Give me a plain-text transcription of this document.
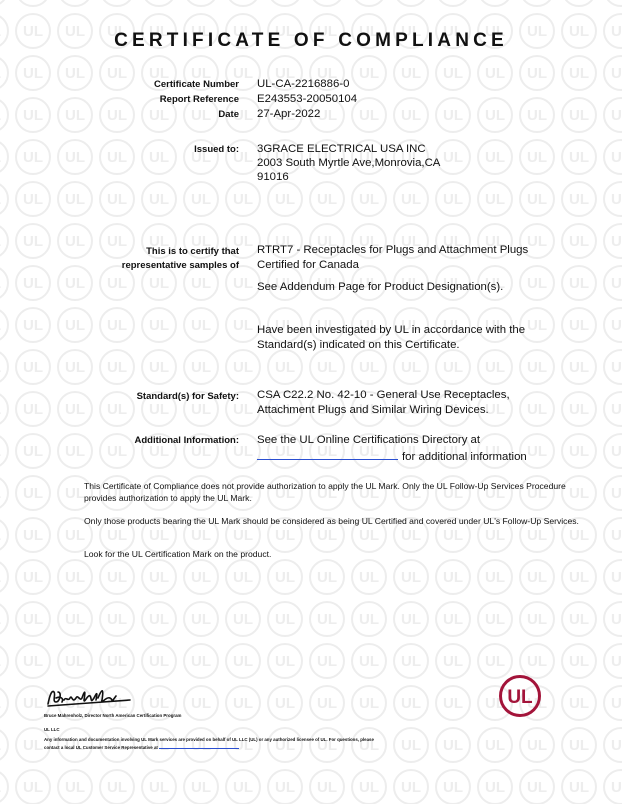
CERTIFICATE OF COMPLIANCE
Certificate Number UL-CA-2216886-0
Report Reference E243553-20050104
Date 27-Apr-2022
Issued to: 3GRACE ELECTRICAL USA INC
2003 South Myrtle Ave,Monrovia,CA
91016
This is to certify that
representative samples of
RTRT7 - Receptacles for Plugs and Attachment Plugs
Certified for Canada
See Addendum Page for Product Designation(s).
Have been investigated by UL in accordance with the
Standard(s) indicated on this Certificate.
Standard(s) for Safety: CSA C22.2 No. 42-10 - General Use Receptacles,
Attachment Plugs and Similar Wiring Devices.
Additional Information: See the UL Online Certifications Directory at
for additional information
This Certificate of Compliance does not provide authorization to apply the UL Mark. Only the UL Follow-Up Services Procedure provides authorization to apply the UL Mark.
Only those products bearing the UL Mark should be considered as being UL Certified and covered under UL's Follow-Up Services.
Look for the UL Certification Mark on the product.
Bruce Mahrenholz, Director North American Certification Program
UL LLC
Any information and documentation involving UL Mark services are provided on behalf of UL LLC (UL) or any authorized licensee of UL. For questions, please
contact a local UL Customer Service Representative at
UL
